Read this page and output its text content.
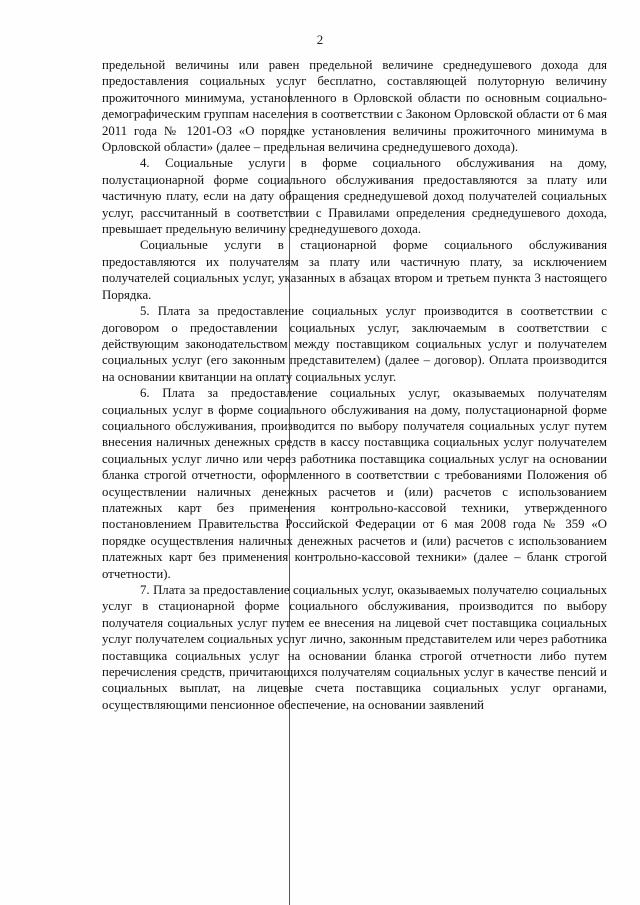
2

предельной величины или равен предельной величине среднедушевого дохода для предоставления социальных услуг бесплатно, составляющей полуторную величину прожиточного минимума, установленного в Орловской области по основным социально-демографическим группам населения в соответствии с Законом Орловской области от 6 мая 2011 года № 1201-ОЗ «О порядке установления величины прожиточного минимума в Орловской области» (далее – предельная величина среднедушевого дохода).

4. Социальные услуги в форме социального обслуживания на дому, полустационарной форме социального обслуживания предоставляются за плату или частичную плату, если на дату обращения среднедушевой доход получателей социальных услуг, рассчитанный в соответствии с Правилами определения среднедушевого дохода, превышает предельную величину среднедушевого дохода.

Социальные услуги в стационарной форме социального обслуживания предоставляются их получателям за плату или частичную плату, за исключением получателей социальных услуг, указанных в абзацах втором и третьем пункта 3 настоящего Порядка.

5. Плата за предоставление социальных услуг производится в соответствии с договором о предоставлении социальных услуг, заключаемым в соответствии с действующим законодательством между поставщиком социальных услуг и получателем социальных услуг (его законным представителем) (далее – договор). Оплата производится на основании квитанции на оплату социальных услуг.

6. Плата за предоставление социальных услуг, оказываемых получателям социальных услуг в форме социального обслуживания на дому, полустационарной форме социального обслуживания, производится по выбору получателя социальных услуг путем внесения наличных денежных средств в кассу поставщика социальных услуг получателем социальных услуг лично или через работника поставщика социальных услуг на основании бланка строгой отчетности, оформленного в соответствии с требованиями Положения об осуществлении наличных денежных расчетов и (или) расчетов с использованием платежных карт без применения контрольно-кассовой техники, утвержденного постановлением Правительства Российской Федерации от 6 мая 2008 года № 359 «О порядке осуществления наличных денежных расчетов и (или) расчетов с использованием платежных карт без применения контрольно-кассовой техники» (далее – бланк строгой отчетности).

7. Плата за предоставление социальных услуг, оказываемых получателю социальных услуг в стационарной форме социального обслуживания, производится по выбору получателя социальных услуг путем ее внесения на лицевой счет поставщика социальных услуг получателем социальных услуг лично, законным представителем или через работника поставщика социальных услуг на основании бланка строгой отчетности либо путем перечисления средств, причитающихся получателям социальных услуг в качестве пенсий и социальных выплат, на лицевые счета поставщика социальных услуг органами, осуществляющими пенсионное обеспечение, на основании заявлений
